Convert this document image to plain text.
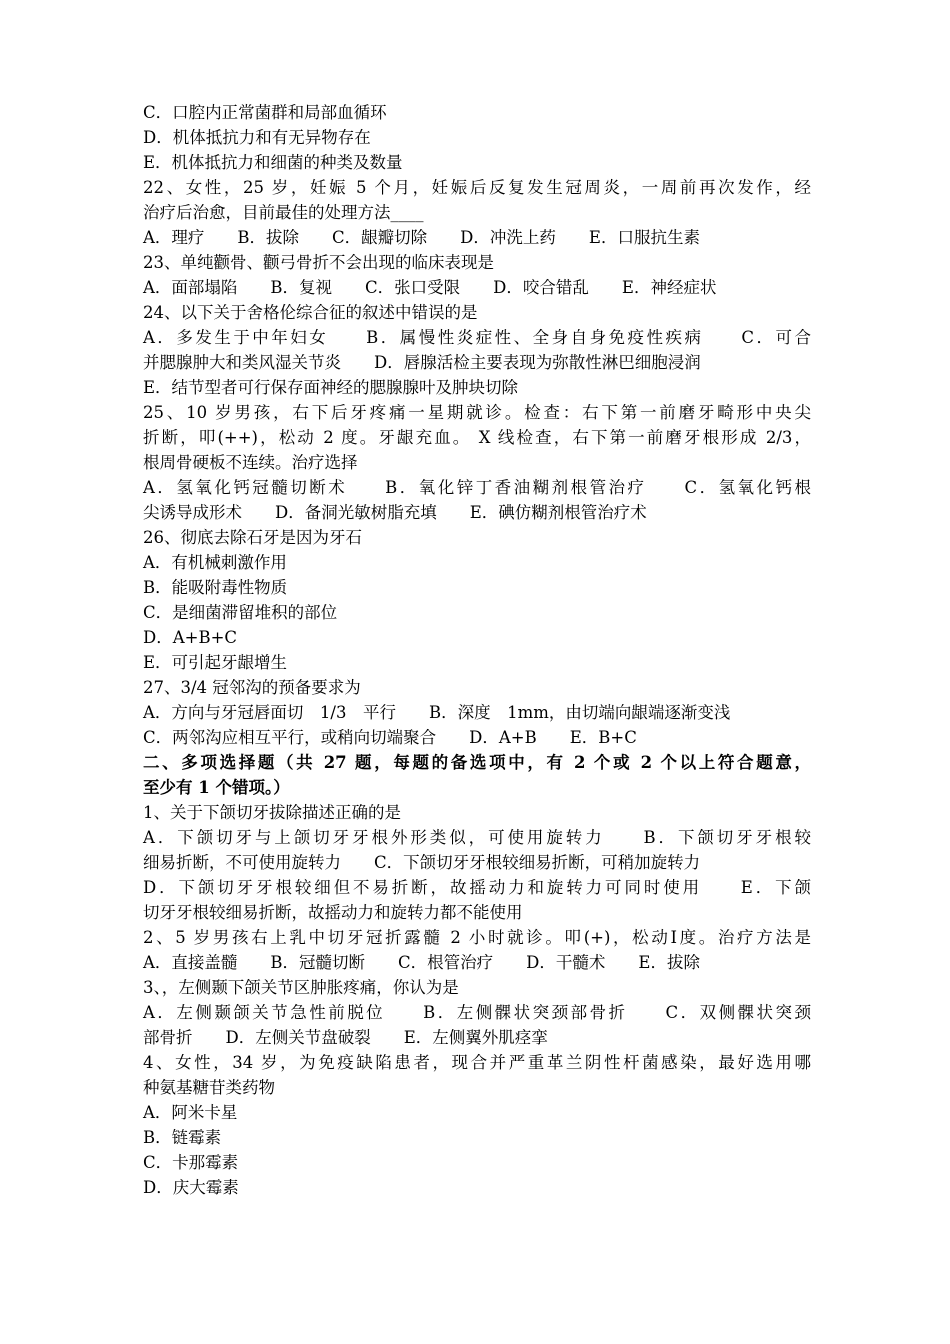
C．口腔内正常菌群和局部血循环
D．机体抵抗力和有无异物存在
E．机体抵抗力和细菌的种类及数量
22、女性，25 岁，妊娠 5 个月，妊娠后反复发生冠周炎，一周前再次发作，经
治疗后治愈，目前最佳的处理方法____
A．理疗　　B．拔除　　C．龈瓣切除　　D．冲洗上药　　E．口服抗生素
23、单纯颧骨、颧弓骨折不会出现的临床表现是
A．面部塌陷　　B．复视　　C．张口受限　　D．咬合错乱　　E．神经症状
24、以下关于舍格伦综合征的叙述中错误的是
A．多发生于中年妇女　　B．属慢性炎症性、全身自身免疫性疾病　　C．可合
并腮腺肿大和类风湿关节炎　　D．唇腺活检主要表现为弥散性淋巴细胞浸润
E．结节型者可行保存面神经的腮腺腺叶及肿块切除
25、10 岁男孩，右下后牙疼痛一星期就诊。检查：右下第一前磨牙畸形中央尖
折断，叩(++)，松动 2 度。牙龈充血。 X 线检查，右下第一前磨牙根形成 2/3，
根周骨硬板不连续。治疗选择
A．氢氧化钙冠髓切断术　　B．氧化锌丁香油糊剂根管治疗　　C．氢氧化钙根
尖诱导成形术　　D．备洞光敏树脂充填　　E．碘仿糊剂根管治疗术
26、彻底去除石牙是因为牙石
A．有机械刺激作用
B．能吸附毒性物质
C．是细菌滞留堆积的部位
D．A+B+C
E．可引起牙龈增生
27、3/4 冠邻沟的预备要求为
A．方向与牙冠唇面切　1/3　平行　　B．深度　1mm，由切端向龈端逐渐变浅
C．两邻沟应相互平行，或稍向切端聚合　　D．A+B　　E．B+C
二、多项选择题（共 27 题，每题的备选项中，有 2 个或 2 个以上符合题意，
至少有 1 个错项。）
1、关于下颌切牙拔除描述正确的是
A．下颌切牙与上颌切牙牙根外形类似，可使用旋转力　　B．下颌切牙牙根较
细易折断，不可使用旋转力　　C．下颌切牙牙根较细易折断，可稍加旋转力
D．下颌切牙牙根较细但不易折断，故摇动力和旋转力可同时使用　　E．下颌
切牙牙根较细易折断，故摇动力和旋转力都不能使用
2、5 岁男孩右上乳中切牙冠折露髓 2 小时就诊。叩(+)，松动Ⅰ度。治疗方法是
A．直接盖髓　　B．冠髓切断　　C．根管治疗　　D．干髓术　　E．拔除
3、，左侧颞下颌关节区肿胀疼痛，你认为是
A．左侧颞颌关节急性前脱位　　B．左侧髁状突颈部骨折　　C．双侧髁状突颈
部骨折　　D．左侧关节盘破裂　　E．左侧翼外肌痉挛
4、女性，34 岁，为免疫缺陷患者，现合并严重革兰阴性杆菌感染，最好选用哪
种氨基糖苷类药物
A．阿米卡星
B．链霉素
C．卡那霉素
D．庆大霉素
